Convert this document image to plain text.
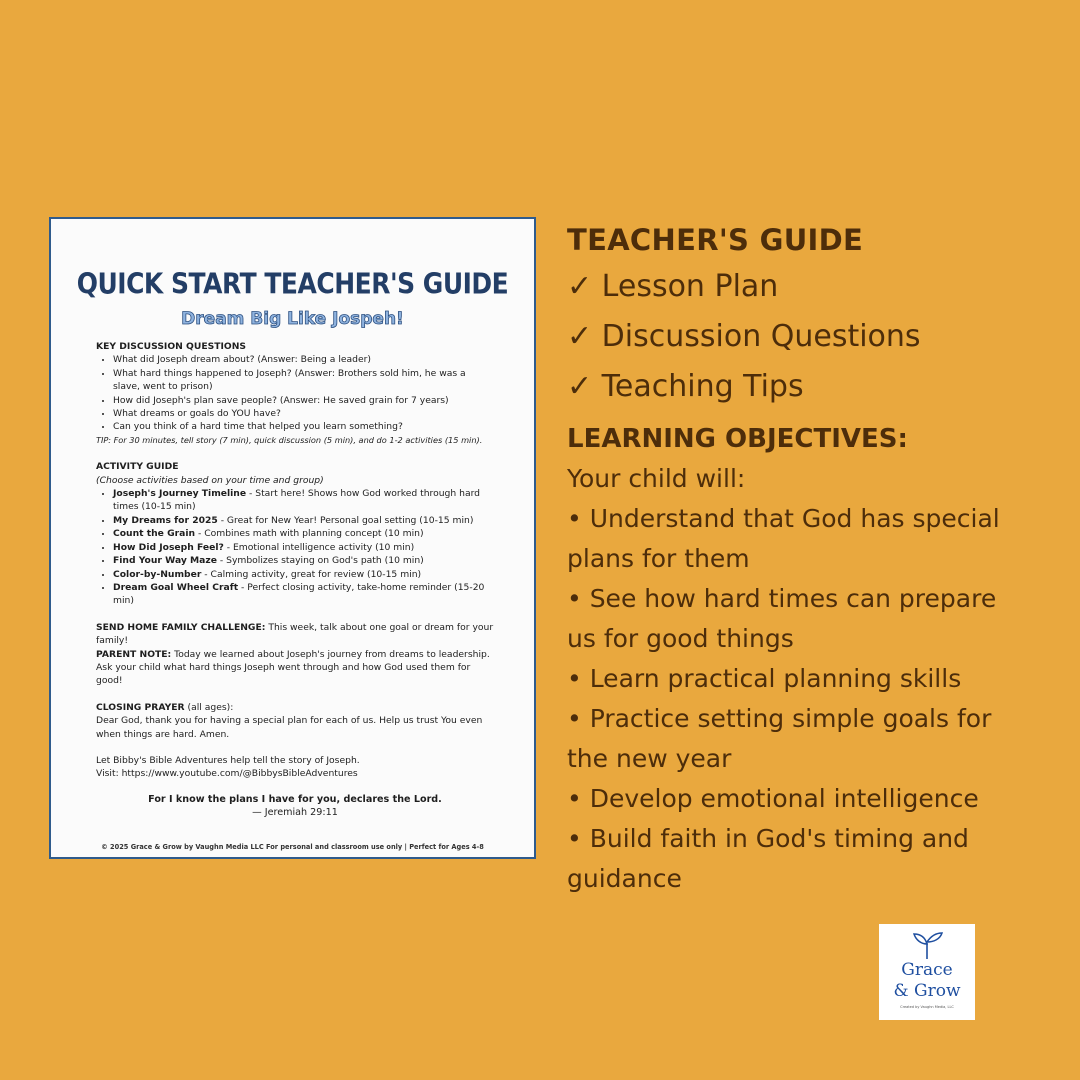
QUICK START TEACHER'S GUIDE
Dream Big Like Jospeh!
KEY DISCUSSION QUESTIONS
• What did Joseph dream about? (Answer: Being a leader)
• What hard things happened to Joseph? (Answer: Brothers sold him, he was a slave, went to prison)
• How did Joseph's plan save people? (Answer: He saved grain for 7 years)
• What dreams or goals do YOU have?
• Can you think of a hard time that helped you learn something?
TIP: For 30 minutes, tell story (7 min), quick discussion (5 min), and do 1-2 activities (15 min).
ACTIVITY GUIDE
(Choose activities based on your time and group)
• Joseph's Journey Timeline - Start here! Shows how God worked through hard times (10-15 min)
• My Dreams for 2025 - Great for New Year! Personal goal setting (10-15 min)
• Count the Grain - Combines math with planning concept (10 min)
• How Did Joseph Feel? - Emotional intelligence activity (10 min)
• Find Your Way Maze - Symbolizes staying on God's path (10 min)
• Color-by-Number - Calming activity, great for review (10-15 min)
• Dream Goal Wheel Craft - Perfect closing activity, take-home reminder (15-20 min)
SEND HOME FAMILY CHALLENGE: This week, talk about one goal or dream for your family!
PARENT NOTE: Today we learned about Joseph's journey from dreams to leadership. Ask your child what hard things Joseph went through and how God used them for good!
CLOSING PRAYER (all ages):
Dear God, thank you for having a special plan for each of us. Help us trust You even when things are hard. Amen.
Let Bibby's Bible Adventures help tell the story of Joseph.
Visit: https://www.youtube.com/@BibbysBibleAdventures
For I know the plans I have for you, declares the Lord.
— Jeremiah 29:11
© 2025 Grace & Grow by Vaughn Media LLC For personal and classroom use only | Perfect for Ages 4-8
TEACHER'S GUIDE
✓ Lesson Plan
✓ Discussion Questions
✓ Teaching Tips
LEARNING OBJECTIVES:
Your child will:
• Understand that God has special
plans for them
• See how hard times can prepare
us for good things
• Learn practical planning skills
• Practice setting simple goals for
the new year
• Develop emotional intelligence
• Build faith in God's timing and
guidance
Grace
& Grow
Created by Vaughn Media, LLC
